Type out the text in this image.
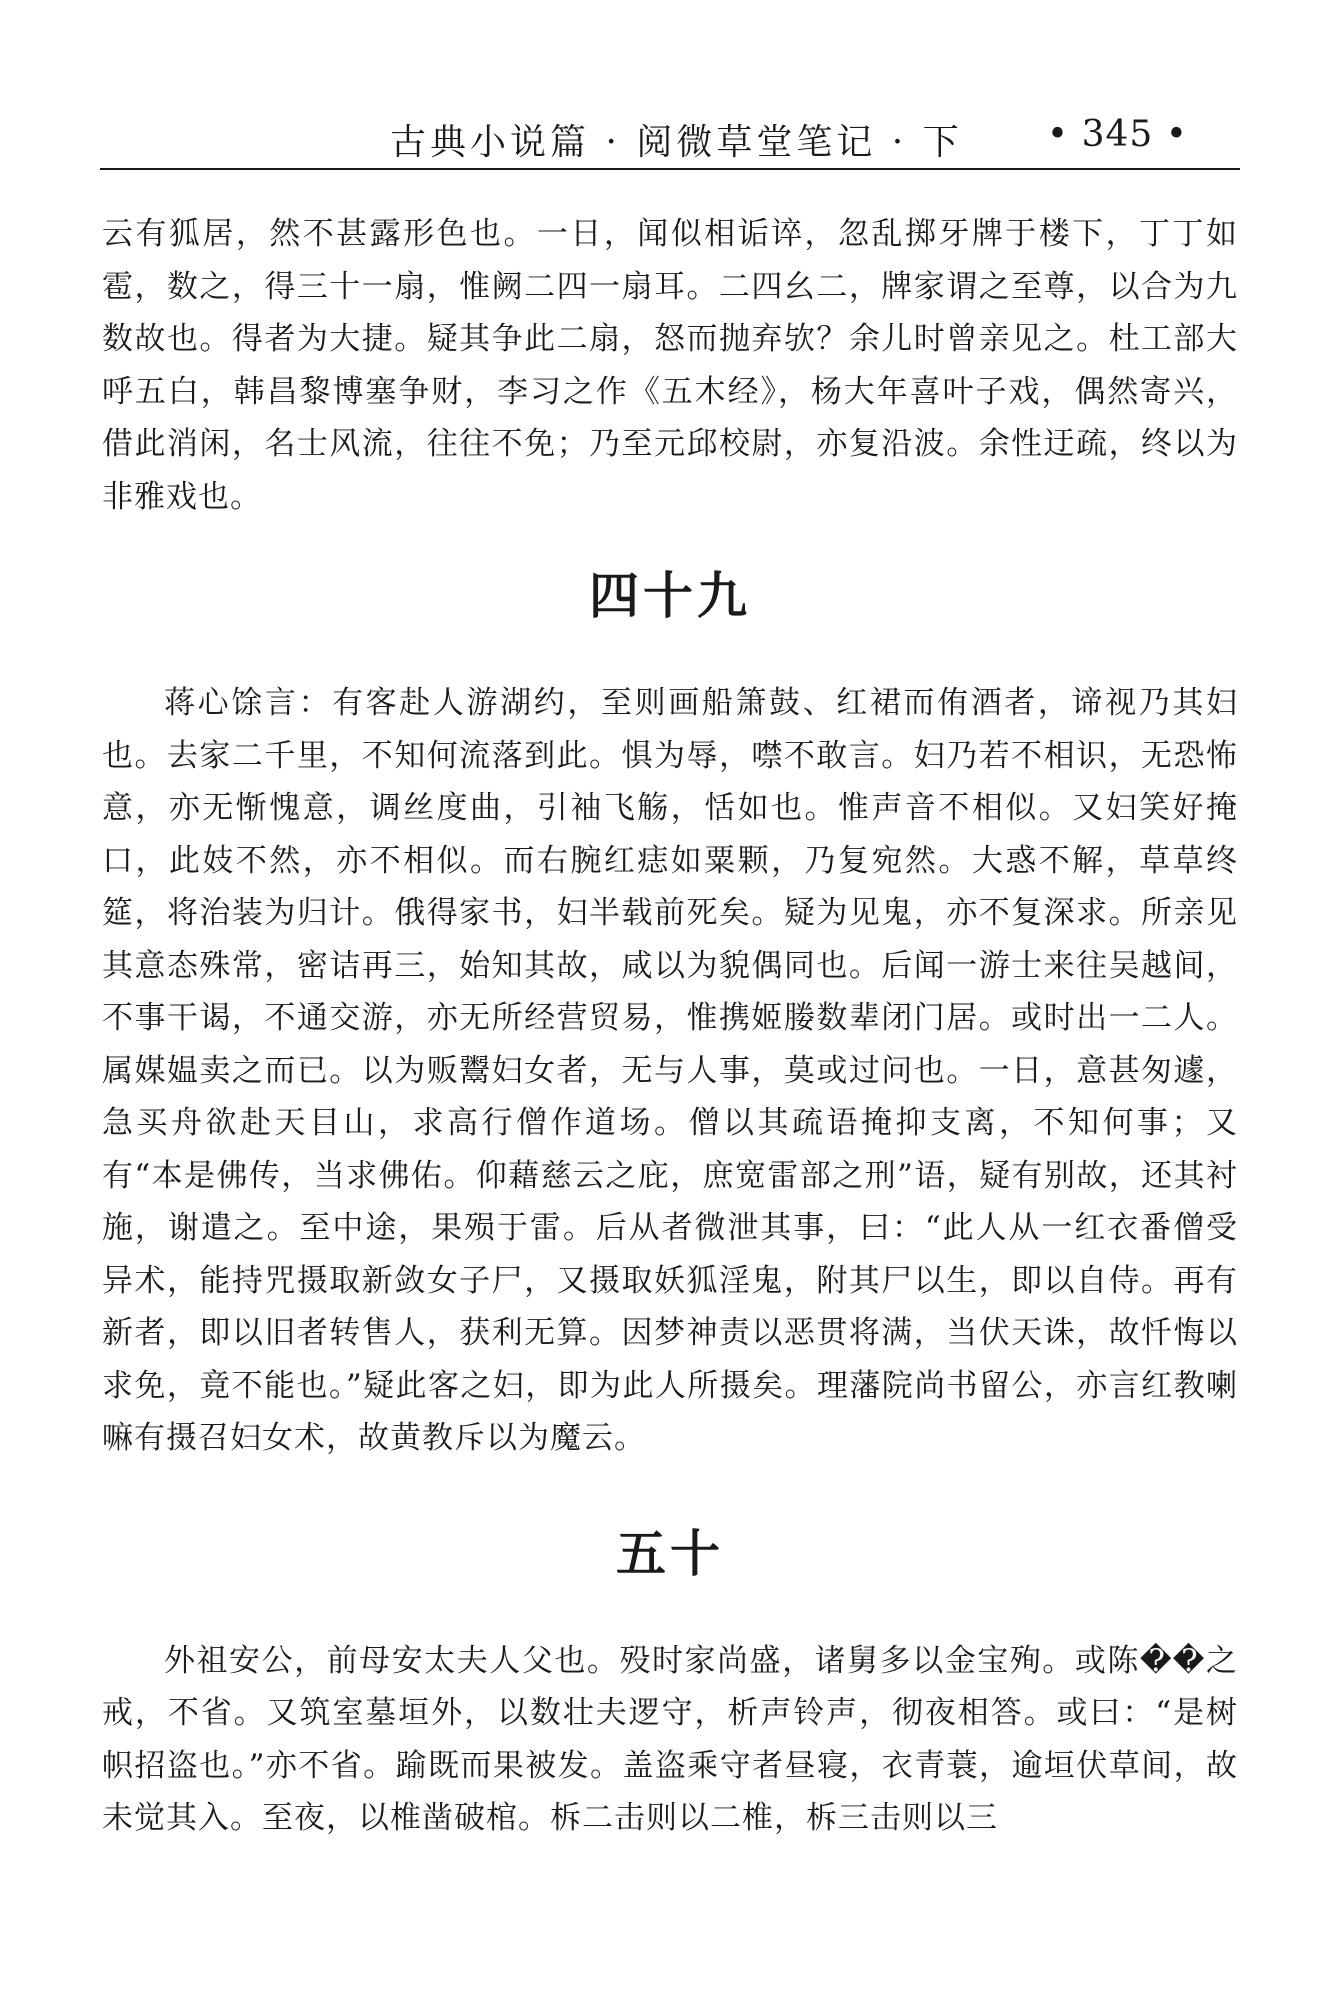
古典小说篇 · 阅微草堂笔记 · 下 • 345 •

云有狐居，然不甚露形色也。一日，闻似相诟谇，忽乱掷牙牌于楼下，丁丁如雹，数之，得三十一扇，惟阙二四一扇耳。二四幺二，牌家谓之至尊，以合为九数故也。得者为大捷。疑其争此二扇，怒而抛弃欤？余儿时曾亲见之。杜工部大呼五白，韩昌黎博塞争财，李习之作《五木经》，杨大年喜叶子戏，偶然寄兴，借此消闲，名士风流，往往不免；乃至元邱校尉，亦复沿波。余性迂疏，终以为非雅戏也。

四十九

蒋心馀言：有客赴人游湖约，至则画船箫鼓、红裙而侑酒者，谛视乃其妇也。去家二千里，不知何流落到此。惧为辱，噤不敢言。妇乃若不相识，无恐怖意，亦无惭愧意，调丝度曲，引袖飞觞，恬如也。惟声音不相似。又妇笑好掩口，此妓不然，亦不相似。而右腕红痣如粟颗，乃复宛然。大惑不解，草草终筵，将治装为归计。俄得家书，妇半载前死矣。疑为见鬼，亦不复深求。所亲见其意态殊常，密诘再三，始知其故，咸以为貌偶同也。后闻一游士来往吴越间，不事干谒，不通交游，亦无所经营贸易，惟携姬媵数辈闭门居。或时出一二人。属媒媪卖之而已。以为贩鬻妇女者，无与人事，莫或过问也。一日，意甚匆遽，急买舟欲赴天目山，求高行僧作道场。僧以其疏语掩抑支离，不知何事；又有“本是佛传，当求佛佑。仰藉慈云之庇，庶宽雷部之刑”语，疑有别故，还其衬施，谢遣之。至中途，果殒于雷。后从者微泄其事，曰：“此人从一红衣番僧受异术，能持咒摄取新敛女子尸，又摄取妖狐淫鬼，附其尸以生，即以自侍。再有新者，即以旧者转售人，获利无算。因梦神责以恶贯将满，当伏天诛，故忏悔以求免，竟不能也。”疑此客之妇，即为此人所摄矣。理藩院尚书留公，亦言红教喇嘛有摄召妇女术，故黄教斥以为魔云。

五十

外祖安公，前母安太夫人父也。殁时家尚盛，诸舅多以金宝殉。或陈��之戒，不省。又筑室墓垣外，以数壮夫逻守，析声铃声，彻夜相答。或曰：“是树帜招盗也。”亦不省。踰既而果被发。盖盗乘守者昼寝，衣青蓑，逾垣伏草间，故未觉其入。至夜，以椎凿破棺。柝二击则以二椎，柝三击则以三
